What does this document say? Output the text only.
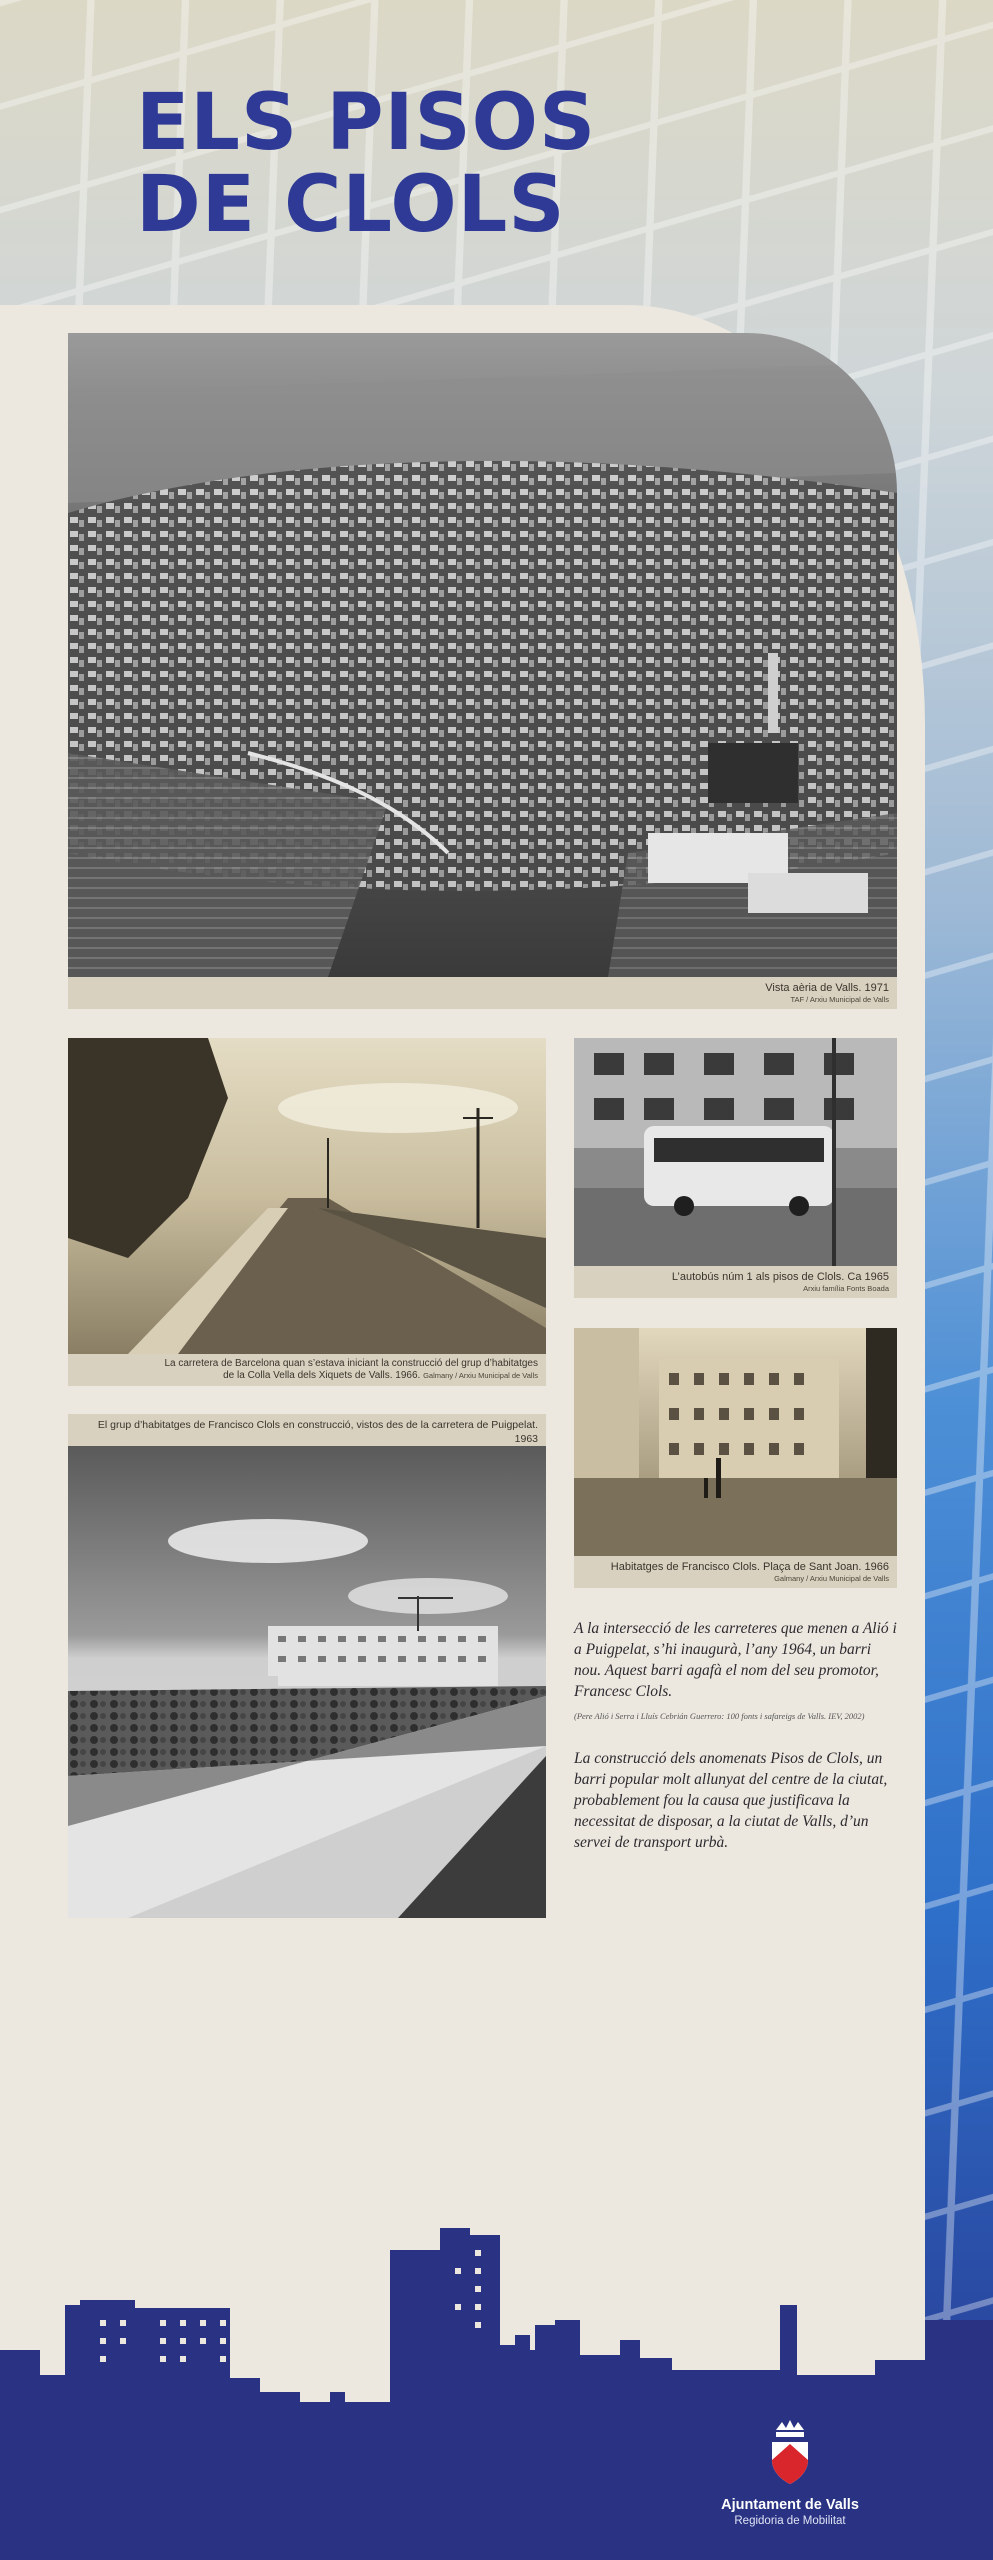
ELS PISOS
DE CLOLS
Vista aèria de Valls. 1971
TAF / Arxiu Municipal de Valls
La carretera de Barcelona quan s’estava iniciant la construcció del grup d’habitatges
de la Colla Vella dels Xiquets de Valls. 1966. Galmany / Arxiu Municipal de Valls
L’autobús núm 1 als pisos de Clols. Ca 1965
Arxiu família Fonts Boada
El grup d’habitatges de Francisco Clols en construcció, vistos des de la carretera de Puigpelat. 1963
Habitatges de Francisco Clols. Plaça de Sant Joan. 1966
Galmany / Arxiu Municipal de Valls
A la intersecció de les carreteres que menen a Alió i a Puigpelat, s’hi inaugurà, l’any 1964, un barri nou. Aquest barri agafà el nom del seu promotor, Francesc Clols.
(Pere Alió i Serra i Lluís Cebrián Guerrero: 100 fonts i safareigs de Valls. IEV, 2002)
La construcció dels anomenats Pisos de Clols, un barri popular molt allunyat del centre de la ciutat, probablement fou la causa que justificava la necessitat de disposar, a la ciutat de Valls, d’un servei de transport urbà.
Ajuntament de Valls
Regidoria de Mobilitat
